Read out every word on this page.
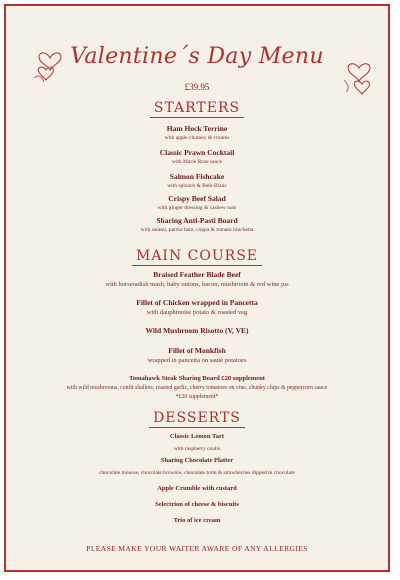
Valentine´s Day Menu
£39.95
STARTERS
Ham Hock Terrine
with apple chutney & croutes
Classic Prawn Cocktail
with Marie Rose sauce
Salmon Fishcake
with spinach & Beŕe Blanc
Crispy Beef Salad
with ginger dressing & cashew nuts
Sharing Anti-Pasti Board
with salami, parma ham, coppa & tomato bruchetta
MAIN COURSE
Braised Feather Blade Beef
with horseradish mash, baby onions, bacon, mushroom & red wine jus
Fillet of Chicken wrapped in Pancetta
with dauphinoise potato & roasted veg
Wild Mushroom Risotto (V, VE)
Fillet of Monkfish
wrapped in pancetta on sauté potatoes
Tomahawk Steak Sharing Board £20 supplement
with wild mushrooms, confit shallots, roasted garlic, cherry tomatoes on vine, chunky chips & peppercorn sauce
*£20 supplement*
DESSERTS
Classic Lemon Tart
with raspberry coulis
Sharing Chocolate Platter
chocolate mousse, chocolate brownie, chocolate torte & strawberries dipped in chocolate
Apple Crumble with custard
Selectrion of cheese & biscuits
Trio of ice cream
PLEASE MAKE YOUR WAITER AWARE OF ANY ALLERGIES
